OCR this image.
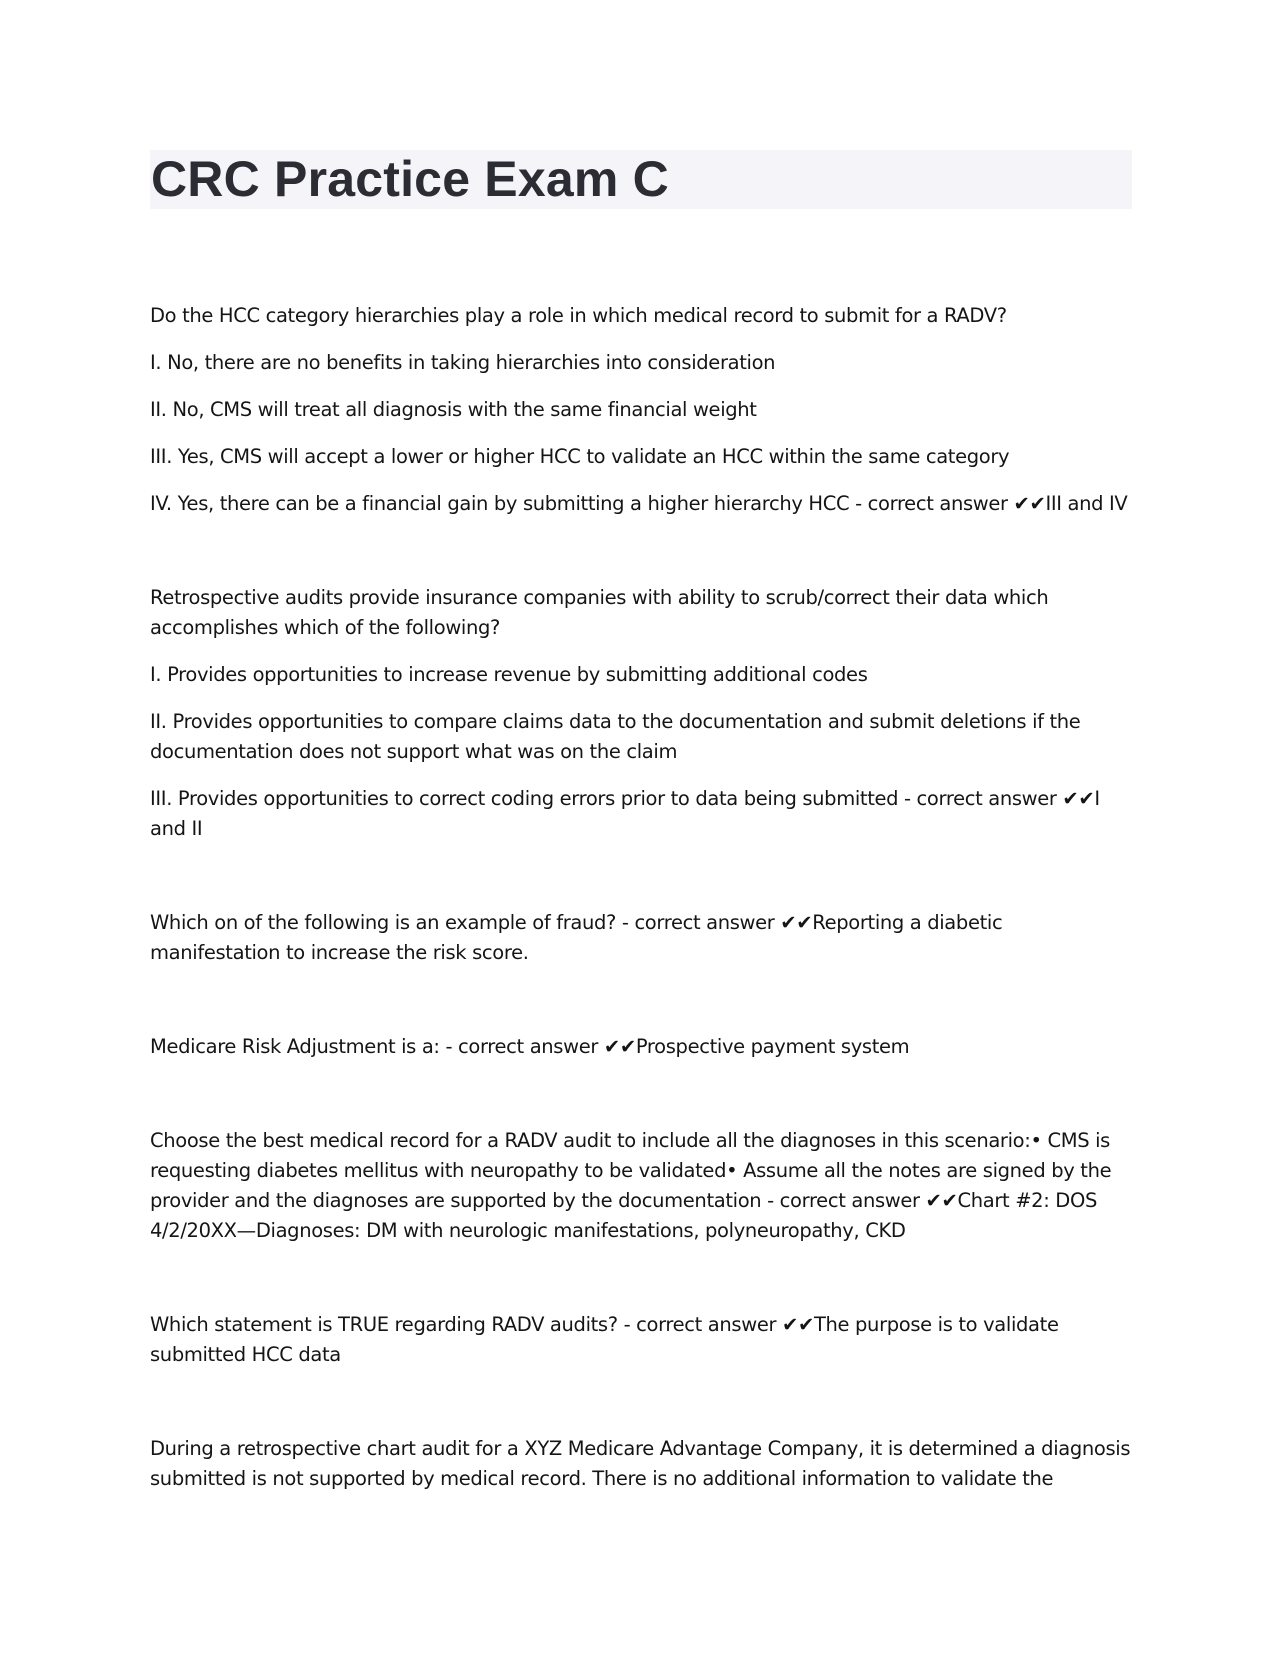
CRC Practice Exam C

Do the HCC category hierarchies play a role in which medical record to submit for a RADV?

I. No, there are no benefits in taking hierarchies into consideration

II. No, CMS will treat all diagnosis with the same financial weight

III. Yes, CMS will accept a lower or higher HCC to validate an HCC within the same category

IV. Yes, there can be a financial gain by submitting a higher hierarchy HCC - correct answer ✔✔III and IV

Retrospective audits provide insurance companies with ability to scrub/correct their data which accomplishes which of the following?

I. Provides opportunities to increase revenue by submitting additional codes

II. Provides opportunities to compare claims data to the documentation and submit deletions if the documentation does not support what was on the claim

III. Provides opportunities to correct coding errors prior to data being submitted - correct answer ✔✔I and II

Which on of the following is an example of fraud? - correct answer ✔✔Reporting a diabetic manifestation to increase the risk score.

Medicare Risk Adjustment is a: - correct answer ✔✔Prospective payment system

Choose the best medical record for a RADV audit to include all the diagnoses in this scenario:• CMS is requesting diabetes mellitus with neuropathy to be validated• Assume all the notes are signed by the provider and the diagnoses are supported by the documentation - correct answer ✔✔Chart #2: DOS 4/2/20XX—Diagnoses: DM with neurologic manifestations, polyneuropathy, CKD

Which statement is TRUE regarding RADV audits? - correct answer ✔✔The purpose is to validate submitted HCC data

During a retrospective chart audit for a XYZ Medicare Advantage Company, it is determined a diagnosis submitted is not supported by medical record. There is no additional information to validate the
